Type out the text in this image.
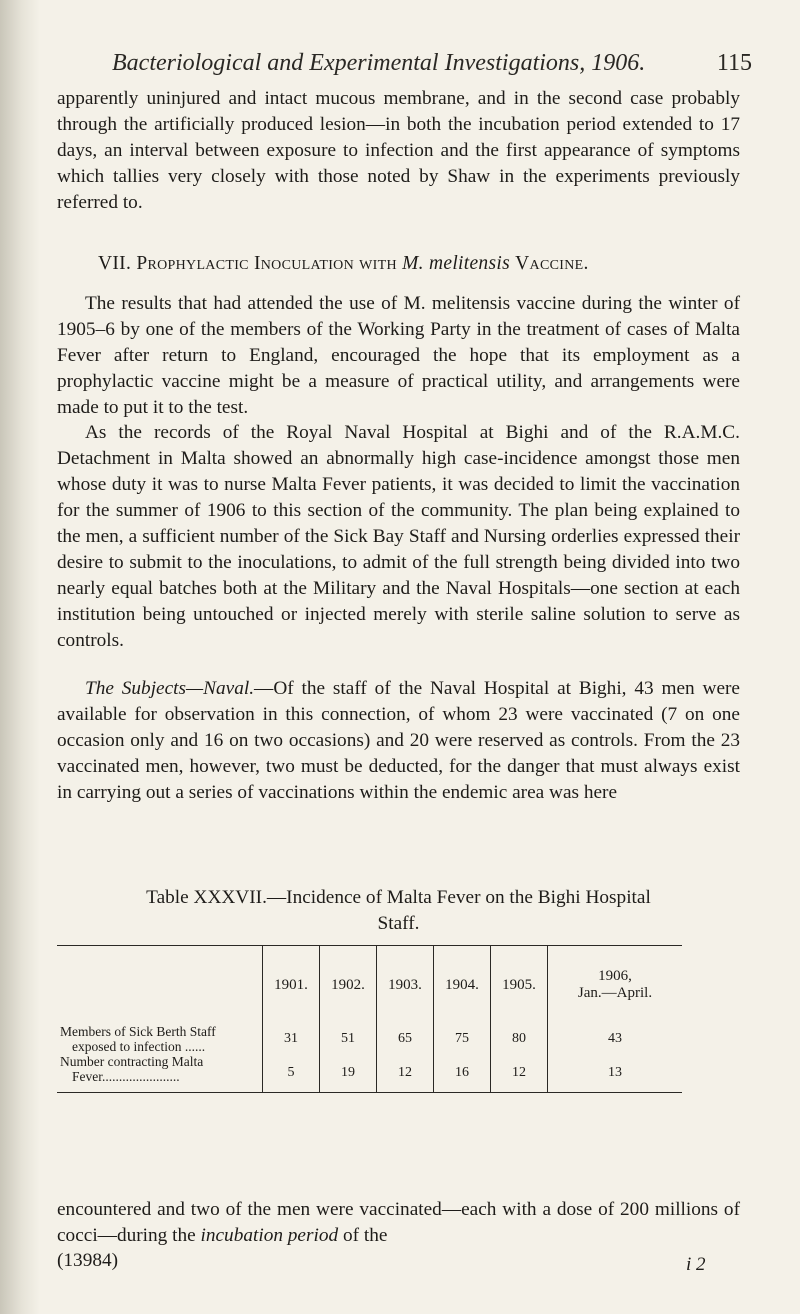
Bacteriological and Experimental Investigations, 1906.	115

apparently uninjured and intact mucous membrane, and in the second case probably through the artificially produced lesion—in both the incubation period extended to 17 days, an interval between exposure to infection and the first appearance of symptoms which tallies very closely with those noted by Shaw in the experiments previously referred to.

VII. Prophylactic Inoculation with M. melitensis Vaccine.

The results that had attended the use of M. melitensis vaccine during the winter of 1905–6 by one of the members of the Working Party in the treatment of cases of Malta Fever after return to England, encouraged the hope that its employment as a prophylactic vaccine might be a measure of practical utility, and arrangements were made to put it to the test.

As the records of the Royal Naval Hospital at Bighi and of the R.A.M.C. Detachment in Malta showed an abnormally high case-incidence amongst those men whose duty it was to nurse Malta Fever patients, it was decided to limit the vaccination for the summer of 1906 to this section of the community. The plan being explained to the men, a sufficient number of the Sick Bay Staff and Nursing orderlies expressed their desire to submit to the inoculations, to admit of the full strength being divided into two nearly equal batches both at the Military and the Naval Hospitals—one section at each institution being untouched or injected merely with sterile saline solution to serve as controls.

The Subjects—Naval.—Of the staff of the Naval Hospital at Bighi, 43 men were available for observation in this connection, of whom 23 were vaccinated (7 on one occasion only and 16 on two occasions) and 20 were reserved as controls. From the 23 vaccinated men, however, two must be deducted, for the danger that must always exist in carrying out a series of vaccinations within the endemic area was here

Table XXXVII.—Incidence of Malta Fever on the Bighi Hospital
Staff.
	1901.	1902.	1903.	1904.	1905.	1906,
Jan.—April.

Members of Sick Berth Staff
exposed to infection ......	31	51	65	75	80	43

Number contracting Malta
Fever.......................	5	19	12	16	12	13

encountered and two of the men were vaccinated—each with a dose of 200 millions of cocci—during the incubation period of the

(13984)	i 2
